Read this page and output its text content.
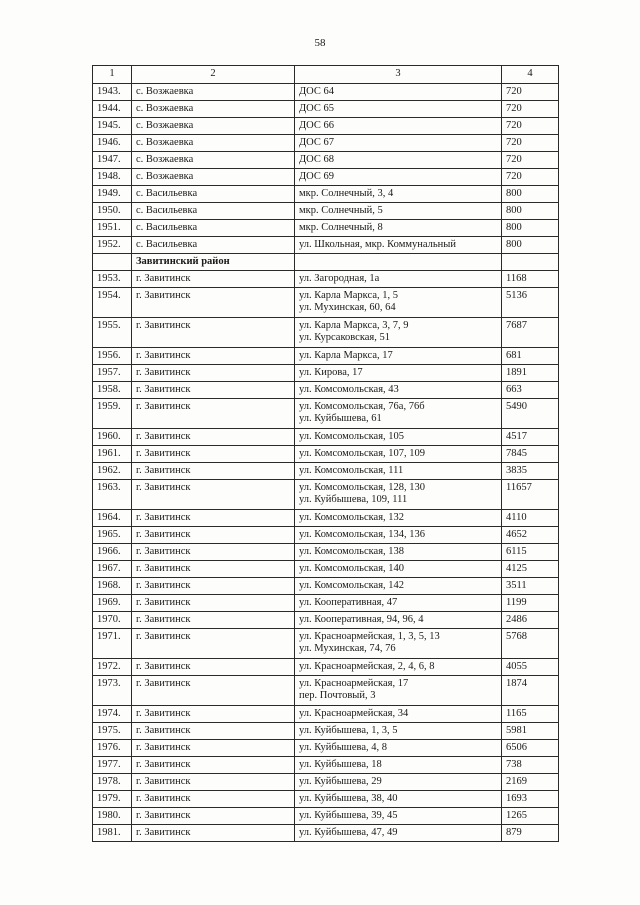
58
1	2	3	4
1943.	с. Возжаевка	ДОС 64	720
1944.	с. Возжаевка	ДОС 65	720
1945.	с. Возжаевка	ДОС 66	720
1946.	с. Возжаевка	ДОС 67	720
1947.	с. Возжаевка	ДОС 68	720
1948.	с. Возжаевка	ДОС 69	720
1949.	с. Васильевка	мкр. Солнечный, 3, 4	800
1950.	с. Васильевка	мкр. Солнечный, 5	800
1951.	с. Васильевка	мкр. Солнечный, 8	800
1952.	с. Васильевка	ул. Школьная, мкр. Коммунальный	800
	Завитинский район		
1953.	г. Завитинск	ул. Загородная, 1а	1168
1954.	г. Завитинск	ул. Карла Маркса, 1, 5
ул. Мухинская, 60, 64	5136
1955.	г. Завитинск	ул. Карла Маркса, 3, 7, 9
ул. Курсаковская, 51	7687
1956.	г. Завитинск	ул. Карла Маркса, 17	681
1957.	г. Завитинск	ул. Кирова, 17	1891
1958.	г. Завитинск	ул. Комсомольская, 43	663
1959.	г. Завитинск	ул. Комсомольская, 76а, 76б
ул. Куйбышева, 61	5490
1960.	г. Завитинск	ул. Комсомольская, 105	4517
1961.	г. Завитинск	ул. Комсомольская, 107, 109	7845
1962.	г. Завитинск	ул. Комсомольская, 111	3835
1963.	г. Завитинск	ул. Комсомольская, 128, 130
ул. Куйбышева, 109, 111	11657
1964.	г. Завитинск	ул. Комсомольская, 132	4110
1965.	г. Завитинск	ул. Комсомольская, 134, 136	4652
1966.	г. Завитинск	ул. Комсомольская, 138	6115
1967.	г. Завитинск	ул. Комсомольская, 140	4125
1968.	г. Завитинск	ул. Комсомольская, 142	3511
1969.	г. Завитинск	ул. Кооперативная, 47	1199
1970.	г. Завитинск	ул. Кооперативная, 94, 96, 4	2486
1971.	г. Завитинск	ул. Красноармейская, 1, 3, 5, 13
ул. Мухинская, 74, 76	5768
1972.	г. Завитинск	ул. Красноармейская, 2, 4, 6, 8	4055
1973.	г. Завитинск	ул. Красноармейская, 17
пер. Почтовый, 3	1874
1974.	г. Завитинск	ул. Красноармейская, 34	1165
1975.	г. Завитинск	ул. Куйбышева, 1, 3, 5	5981
1976.	г. Завитинск	ул. Куйбышева, 4, 8	6506
1977.	г. Завитинск	ул. Куйбышева, 18	738
1978.	г. Завитинск	ул. Куйбышева, 29	2169
1979.	г. Завитинск	ул. Куйбышева, 38, 40	1693
1980.	г. Завитинск	ул. Куйбышева, 39, 45	1265
1981.	г. Завитинск	ул. Куйбышева, 47, 49	879
